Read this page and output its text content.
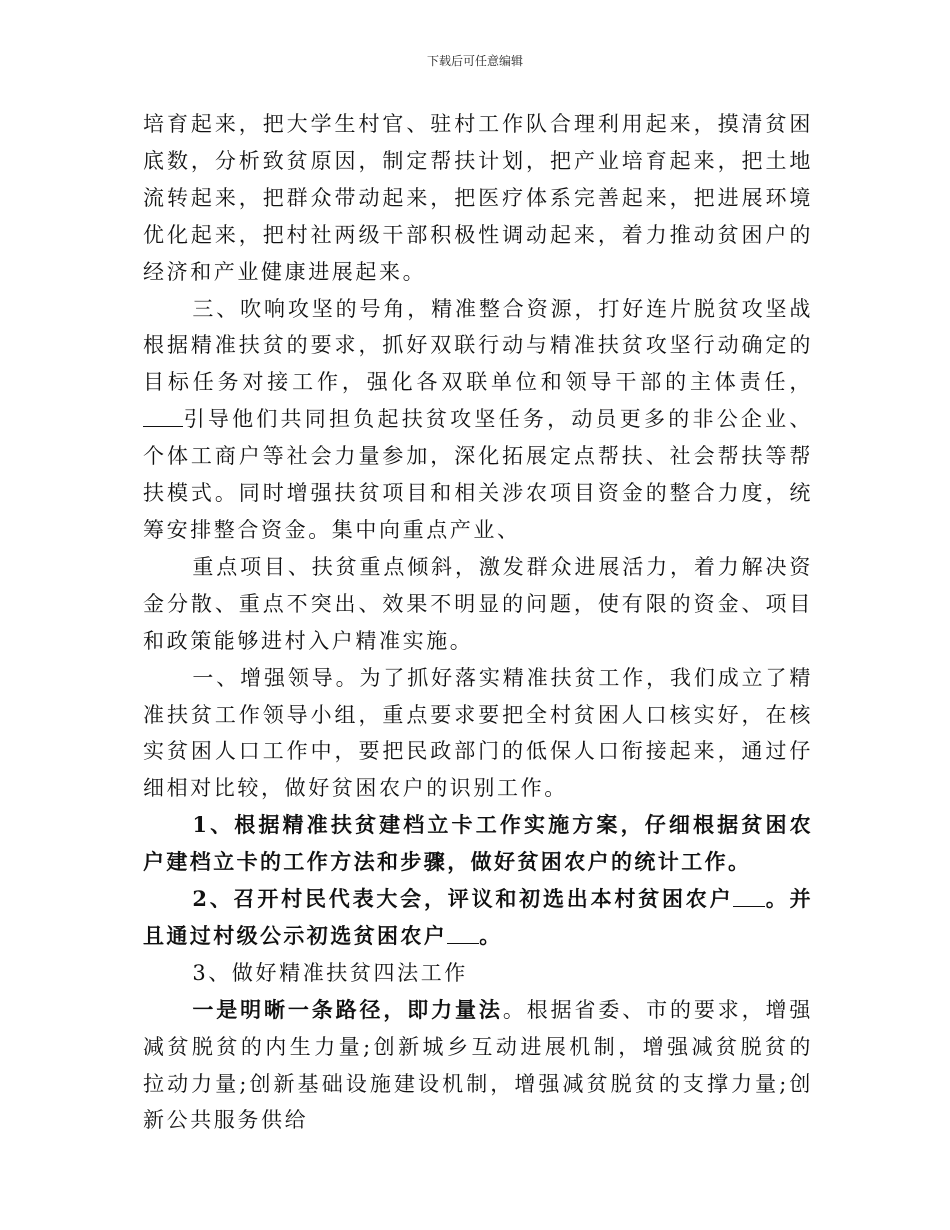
下载后可任意编辑

培育起来，把大学生村官、驻村工作队合理利用起来，摸清贫困底数，分析致贫原因，制定帮扶计划，把产业培育起来，把土地流转起来，把群众带动起来，把医疗体系完善起来，把进展环境优化起来，把村社两级干部积极性调动起来，着力推动贫困户的经济和产业健康进展起来。

三、吹响攻坚的号角，精准整合资源，打好连片脱贫攻坚战根据精准扶贫的要求，抓好双联行动与精准扶贫攻坚行动确定的目标任务对接工作，强化各双联单位和领导干部的主体责任，引导他们共同担负起扶贫攻坚任务，动员更多的非公企业、个体工商户等社会力量参加，深化拓展定点帮扶、社会帮扶等帮扶模式。同时增强扶贫项目和相关涉农项目资金的整合力度，统筹安排整合资金。集中向重点产业、

重点项目、扶贫重点倾斜，激发群众进展活力，着力解决资金分散、重点不突出、效果不明显的问题，使有限的资金、项目和政策能够进村入户精准实施。

一、增强领导。为了抓好落实精准扶贫工作，我们成立了精准扶贫工作领导小组，重点要求要把全村贫困人口核实好，在核实贫困人口工作中，要把民政部门的低保人口衔接起来，通过仔细相对比较，做好贫困农户的识别工作。

1、根据精准扶贫建档立卡工作实施方案，仔细根据贫困农户建档立卡的工作方法和步骤，做好贫困农户的统计工作。

2、召开村民代表大会，评议和初选出本村贫困农户 。并且通过村级公示初选贫困农户 。

3、做好精准扶贫四法工作

一是明晰一条路径，即力量法。根据省委、市的要求，增强减贫脱贫的内生力量;创新城乡互动进展机制，增强减贫脱贫的拉动力量;创新基础设施建设机制，增强减贫脱贫的支撑力量;创新公共服务供给
